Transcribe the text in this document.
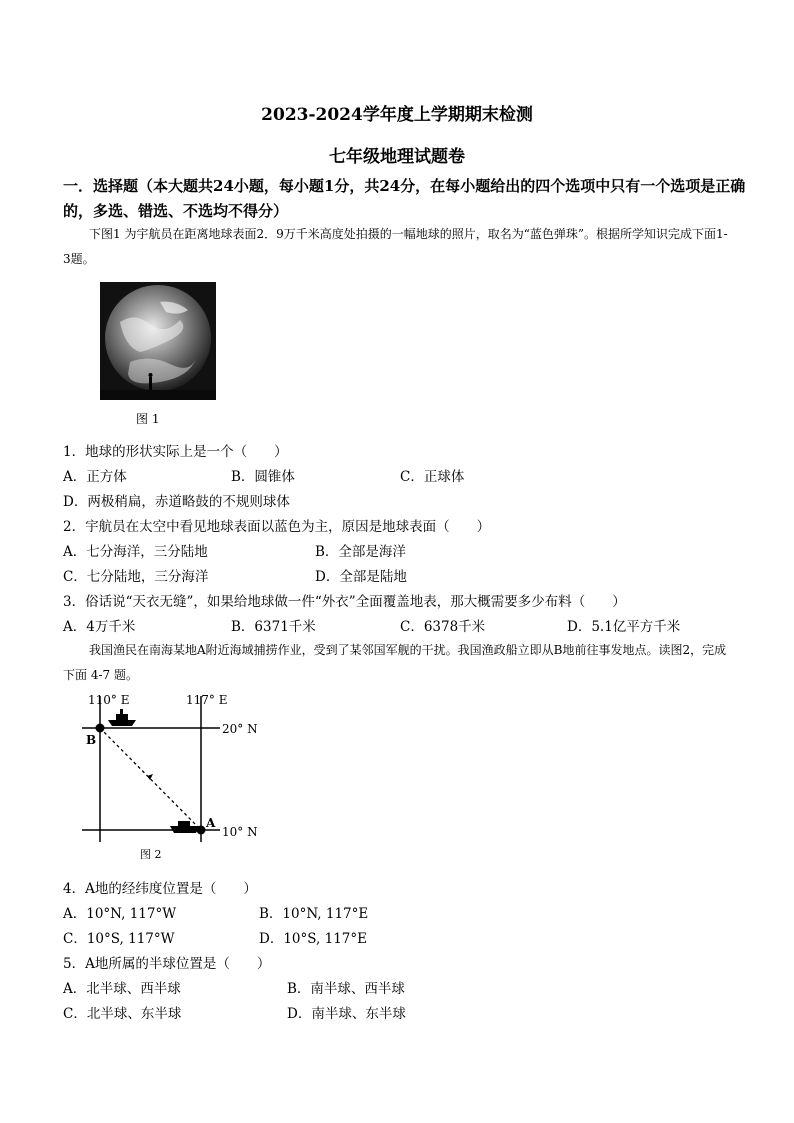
2023-2024学年度上学期期末检测
七年级地理试题卷
一．选择题（本大题共24小题，每小题1分，共24分，在每小题给出的四个选项中只有一个选项是正确的，多选、错选、不选均不得分）
下图1 为宇航员在距离地球表面2．9万千米高度处拍摄的一幅地球的照片，取名为“蓝色弹珠”。根据所学知识完成下面1-3题。
图 1
1．地球的形状实际上是一个（　　）
A．正方体	B．圆锥体	C．正球体
D．两极稍扁，赤道略鼓的不规则球体
2．宇航员在太空中看见地球表面以蓝色为主，原因是地球表面（　　）
A．七分海洋，三分陆地	B．全部是海洋
C．七分陆地，三分海洋	D．全部是陆地
3．俗话说“天衣无缝”，如果给地球做一件“外衣”全面覆盖地表，那大概需要多少布料（　　）
A．4万千米	B．6371千米	C．6378千米	D．5.1亿平方千米
我国渔民在南海某地A附近海域捕捞作业，受到了某邻国军舰的干扰。我国渔政船立即从B地前往事发地点。读图2，完成下面 4-7 题。
110° E	117° E
20° N
10° N
B
A
图 2
4．A地的经纬度位置是（　　）
A．10°N, 117°W	B．10°N, 117°E
C．10°S, 117°W	D．10°S, 117°E
5．A地所属的半球位置是（　　）
A．北半球、西半球	B．南半球、西半球
C．北半球、东半球	D．南半球、东半球
